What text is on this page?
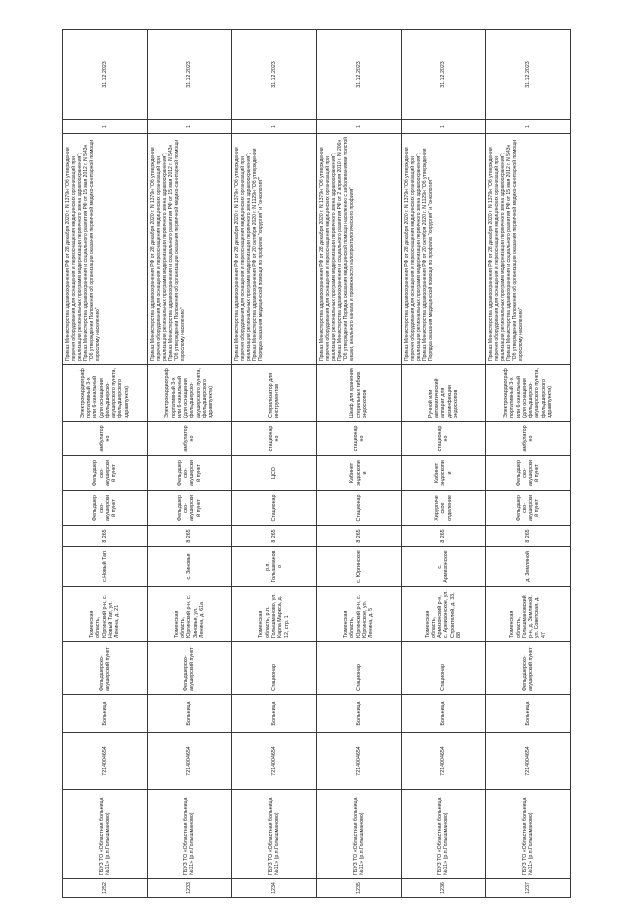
1252	ГБУЗ ТО «Областная больница №11» (р.п.Голышманово)	7214004654	Больница	Фельдшерско-акушерский пункт	Тюменская область, Юргинский р-н, с. Новый Тап, ул. Ленина, д. 21	с.Новый Тап	8 265	Фельдшерско-акушерский пункт	Фельдшерско-акушерский пункт	амбулаторно	Электрокардиограф портативный 3-х или 6-канальный (для оснащения фельдшерско-акушерского пункта, фельдшерского здравпункта)	Приказ Министерства здравоохранения РФ от 28 декабря 2020 г. N 1379н "Об утверждении перечня оборудования для оснащения и переоснащения медицинских организаций при реализации региональных программ модернизации первичного звена здравоохранения"; Приказ Министерства здравоохранения и социального развития РФ от 15 мая 2012 г. N 543н "Об утверждении Положения об организации оказания первичной медико-санитарной помощи взрослому населению"	1	31.12.2023
1233	ГБУЗ ТО «Областная больница №11» (р.п.Голышманово)	7214004654	Больница	Фельдшерско-акушерский пункт	Тюменская область, Юргинский р-н, с. Зиновья, ул. Ленина, д. 61а	с. Зиновья	8 265	Фельдшерско-акушерский пункт	Фельдшерско-акушерский пункт	амбулаторно	Электрокардиограф портативный 3-х или 6-канальный (для оснащения фельдшерско-акушерского пункта, фельдшерского здравпункта)	Приказ Министерства здравоохранения РФ от 28 декабря 2020 г. N 1379н "Об утверждении перечня оборудования для оснащения и переоснащения медицинских организаций при реализации региональных программ модернизации первичного звена здравоохранения"; Приказ Министерства здравоохранения и социального развития РФ от 15 мая 2012 г. N 543н "Об утверждении Положения об организации оказания первичной медико-санитарной помощи взрослому населению"	1	31.12.2023
1234	ГБУЗ ТО «Областная больница №11» (р.п.Голышманово)	7214004654	Больница	Стационар	Тюменская область, р.п. Голышманово, ул. Карла Маркса, д. 12, стр. 1	р.п. Голышманово	8 265	Стационар	ЦСО	стационарно	Стерилизатор для инструментов	Приказ Министерства здравоохранения РФ от 28 декабря 2020 г. N 1379н "Об утверждении перечня оборудования для оснащения и переоснащения медицинских организаций при реализации региональных программ модернизации первичного звена здравоохранения"; Приказ Министерства здравоохранения РФ от 20 октября 2020 г. N 1129н "Об утверждении Порядка оказания медицинской помощи по профилю "хирургия" и "онкология""	1	31.12.2023
1235	ГБУЗ ТО «Областная больница №11» (р.п.Голышманово)	7214004654	Больница	Стационар	Тюменская область, Юргинский р-н, с. Юргинское, ул. Ленина, д. 5	с. Юргинское	8 265	Стационар	Кабинет эндоскопии	стационарно	Шкаф для хранения стерильных гибких эндоскопов	Приказ Министерства здравоохранения РФ от 28 декабря 2020 г. N 1379н "Об утверждении перечня оборудования для оснащения и переоснащения медицинских организаций при реализации региональных программ модернизации первичного звена здравоохранения"; Приказ Министерства здравоохранения и социального развития РФ от 2 апреля 2010 г. N 206н "Об утверждении Порядка оказания медицинской помощи населению с заболеваниями толстой кишки, анального канала и промежности колопроктологического профиля"	1	31.12.2023
1236	ГБУЗ ТО «Областная больница №11» (р.п.Голышманово)	7214004654	Больница	Стационар	Тюменская область, Армизонский р-н, с. Армизонское, ул. Строителей, д. 33, 88	с. Армизонское	8 265	Хирургическое отделение	Кабинет эндоскопии	стационарно	Ручной или автоматический аппарат для дезинфекции эндоскопов	Приказ Министерства здравоохранения РФ от 28 декабря 2020 г. N 1379н "Об утверждении перечня оборудования для оснащения и переоснащения медицинских организаций при реализации региональных программ модернизации первичного звена здравоохранения"; Приказ Министерства здравоохранения РФ от 20 октября 2020 г. N 1129н "Об утверждении Порядка оказания медицинской помощи по профилю "хирургия" и "онкология""	1	31.12.2023
1237	ГБУЗ ТО «Областная больница №11» (р.п.Голышманово)	7214004654	Больница	Фельдшерско-акушерский пункт	Тюменская область, Голышмановский р-н, д. Земляной, ул. Советская, д. 47	д. Земляной	8 265	Фельдшерско-акушерский пункт	Фельдшерско-акушерский пункт	амбулаторно	Электрокардиограф портативный 3-х или 6-канальный (для оснащения фельдшерско-акушерского пункта, фельдшерского здравпункта)	Приказ Министерства здравоохранения РФ от 28 декабря 2020 г. N 1379н "Об утверждении перечня оборудования для оснащения и переоснащения медицинских организаций при реализации региональных программ модернизации первичного звена здравоохранения"; Приказ Министерства здравоохранения и социального развития РФ от 15 мая 2012 г. N 543н "Об утверждении Положения об организации оказания первичной медико-санитарной помощи взрослому населению"	1	31.12.2023
